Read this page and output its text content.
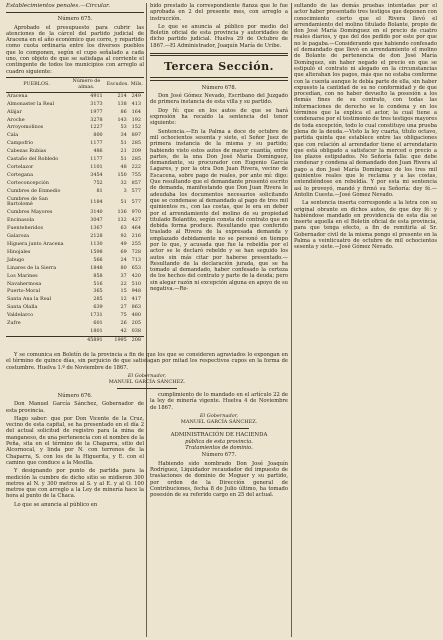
Establecimientos penales.—Circular.
Número 675.

Aprobado el presupuesto para cubrir las atenciones de la cárcel del partido judicial de Aracena en el año económico que corre, y repartido como cuota ordinaria entre los diversos pueblos que lo componen, según el cupo señalado a cada uno, con objeto de que se satisfaga al corriente el contingente de todos los municipios con arreglo al cuadro siguiente:

PUEBLOS.	Número de almas.	Escudos.	Mils.
Aracena	4911	214	249
Almonaster la Real	3173	138	413
Alájar	1977	86	164
Aroche	3278	143	192
Arroyomolinos	1227	53	152
Cala	800	34	897
Campofrío	1177	51	285
Cabezas Rubias	486	21	209
Castaño del Robledo	1177	51	285
Cortelazor	1101	48	222
Cortegana	3454	150	755
Corteconcepción	752	32	857
Cumbres de Enmedio	81	3	577
Cumbres de San Bartolomé	1184	51	577
Cumbres Mayores	3140	136	970
Encinasola	3047	132	427
Fuenteheridos	1367	63	464
Galaroza	2128	92	216
Higuera junto Aracena	1130	49	255
Hinojales	1598	69	728
Jabugo	566	24	713
Linares de la Sierra	1848	80	653
Los Marines	858	37	420
Navahermosa	516	22	510
Puerto-Moral	365	15	948
Santa Ana la Real	285	12	417
Santa Olalla	639	27	863
Valdelarco	1731	75	480
Zufre	601	26	205
	1801	42	038
	45891	1995	208

Y se comunica en Boletín de la provincia a fin de que los que se consideren agraviados lo expongan en el término de quince días, sin perjuicio de que satisfagan por mitad los respectivos cupos en la forma de costumbre. Huelva 1.º de Noviembre de 1867.

El Gobernador,
MANUEL GARCÍA SÁNCHEZ.
Número 676.

Don Manuel García Sánchez, Gobernador de esta provincia.

Hago saber: que por Don Vicente de la Cruz, vecino de esta capital, se ha presentado en el día 2 del actual solicitud de registro para la mina de manganeso, de una pertenencia con el nombre de la Peña, sita en el término de la Chaparra, sitio del Alcornocal, y linda por N. con terrenos de la Chaparra, S. con los de la Higuerita, y E. con el camino que conduce a la Mesilla.

Y designando por punto de partida para la medición la cumbre de dicho sitio se midieron 300 metros al N. y 300 metros al S. y al E. y al O. 100 metros que con arreglo a la Ley de minería hace la hora al punto de la Chaca.

Lo que se anuncia al público en

cumplimiento de lo mandado en el artículo 22 de la ley de minería vigente. Huelva 4 de Noviembre de 1867.

El Gobernador,
MANUEL GARCÍA SÁNCHEZ.
ADMINISTRACIÓN DE HACIENDA
pública de esta provincia.
Tratamientos de dominio.
Número 677.

Habiendo sido nombrado Don José Joaquín Rodríguez, Liquidador recaudador del impuesto de traslaciones de dominio de Moguer y su partido, por orden de la Dirección general de Contribuciones, fecha 8 de Julio último, ha tomado posesión de su referido cargo en 25 del actual.

bido prestado la correspondiente fianza que le fue aprobada en 2 del presente mes, con arreglo a instrucción.

Lo que se anuncia al público por medio del Boletín oficial de esta provincia y autoridades de dicho partido judicial. Huelva 29 de Octubre de 1867.—El Administrador, Joaquín María de Uribe.

Tercera Sección.
Número 678.

Don José Gómez Nevado, Escribano del Juzgado de primera instancia de esta villa y su partido.

Doy fé: que en los autos de que se hará expresión ha recaído la sentencia del tenor siguiente:

Sentencia.—En la Palma a doce de octubre de mil ochocientos sesenta y siete, el Señor Juez de primera instancia de la misma y su partido; habiendo visto estos autos de mayor cuantía, entre partes, de la una Don José María Domínguez, demandante, su procurador con Eugenio García Lagares, y por la otra Don Juan Rivera, vecino de Escacena, sobre pago de reales, por ante mí: digo: Que resultando que el demandante presentó escrito de demanda, manifestando que Don Juan Rivera le adeudaba los documentos necesarios solicitando que se condenase al demandado al pago de tres mil quinientos rs., con las costas, que le era en deber por el arrendamiento del molino de su propiedad titulado Bolantito, según consta del contrato que en debida forma produce. Resultando que conferido traslado al Rivera de la expresada demanda y emplazado debidamente no se personó en tiempo por lo que, y acusada que fue la rebeldía por el actor se le declaró rebelde y se han seguido los autos sin más citar por haberse presentado.—Resultando de la declaración jurada, que se ha tomado al demandado, haber confesado la certeza de los hechos del contrato y parte de la deuda; pero sin alegar razón ni excepción alguna en apoyo de su negativa.—Re-

sultando de las demás pruebas intentadas por el actor haber presentado tres testigos que deponen con conocimiento cierto que el Rivera llevó el arrendamiento del molino titulado Bolante, propio de don José María Domínguez en el precio de cuatro reales diarios, y que del dos pedido por este por que no le pagaba.—Considerando que habiendo confesado el demandado que llevó en arrendamiento el molino de Bolante de pertenencia de don José María Domínguez, sin haber negado el precio en que se estipuló el contrato ni alegado en la circunstancias que alteraban los pagos, más que no estaba conforme con la cuenta aunque le debía parte de ella, sin haber expuesto la cantidad de su no conformidad y de que procedían, con no haber devuelto la posesión a los demás fines de su contrato, con todas las informaciones de derecho se le condena y en los términos que la explica el actor, la cual tiene a condenarse por el testimonio de tres testigos mayores de toda excepción, todo lo cual constituye una prueba plena de la deuda.—Visto la ley cuarta, título octavo, partida quinta que establece entre las obligaciones que con relación al arrendador tiene el arrendatario que está obligado a satisfacer la merced o precio a los plazos estipulados. No Señoría falla: que debe condenar y condena al demandado don Juan Rivera al pago a don José María Domínguez de los tres mil quinientos reales que le reclama y a las costas, entendiéndose en rebeldía. Y por esta mi sentencia así lo proveyó, mandó y firmó su Señoría: doy fé.—Antolin Cuesta.—José Gómez Nevado.

La sentencia inserta corresponde a la letra con su original obrante en dichos autos, de que doy fé: y habiéndose mandado en providencia de esta día se inserte aquella en el Boletín oficial de esta provincia, para que tenga efecto, a fin de remitirla al Sr. Gobernador civil de la misma pongo el presente en la Palma a veinticuatro de octubre de mil ochocientos sesenta y siete.—José Gómez Nevado.
